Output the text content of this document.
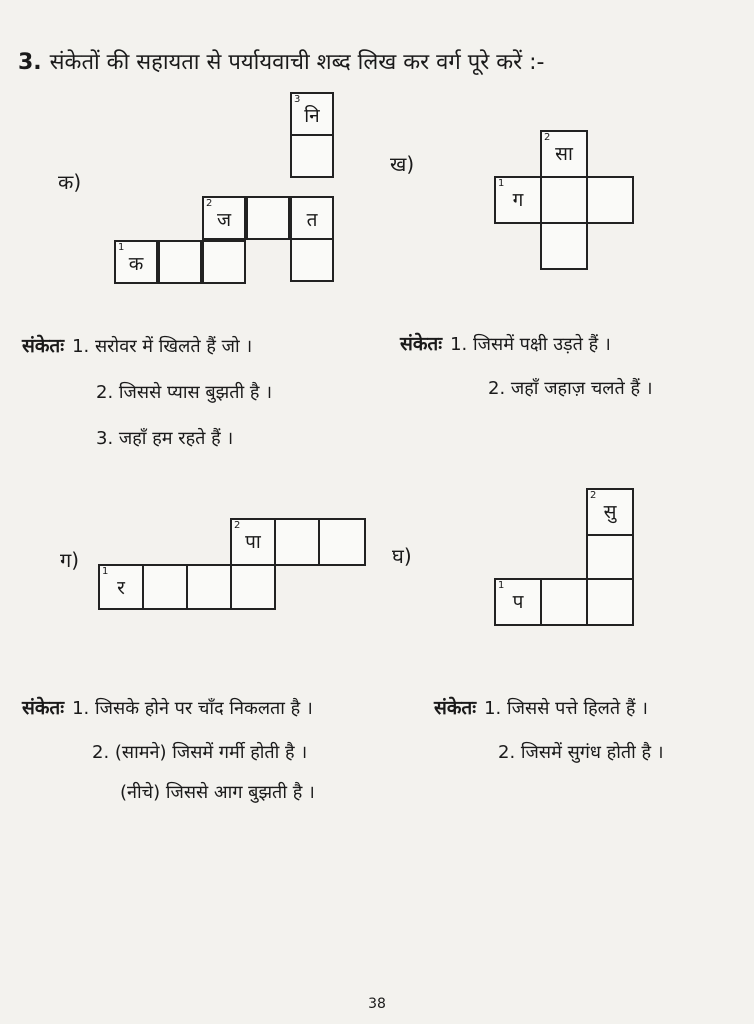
3. संकेतों की सहायता से पर्यायवाची शब्द लिख कर वर्ग पूरे करें :-
क)
1
क
2
ज	त
3
नि
ख)
2
सा
1
ग
संकेतः 1. सरोवर में खिलते हैं जो ।
2. जिससे प्यास बुझती है ।
3. जहाँ हम रहते हैं ।
संकेतः 1. जिसमें पक्षी उड़ते हैं ।
2. जहाँ जहाज़ चलते हैं ।
ग) 1
र
2
पा
घ)
2
सु
1
प
संकेतः 1. जिसके होने पर चाँद निकलता है ।
2. (सामने) जिसमें गर्मी होती है ।
(नीचे) जिससे आग बुझती है ।
संकेतः 1. जिससे पत्ते हिलते हैं ।
2. जिसमें सुगंध होती है ।
38
